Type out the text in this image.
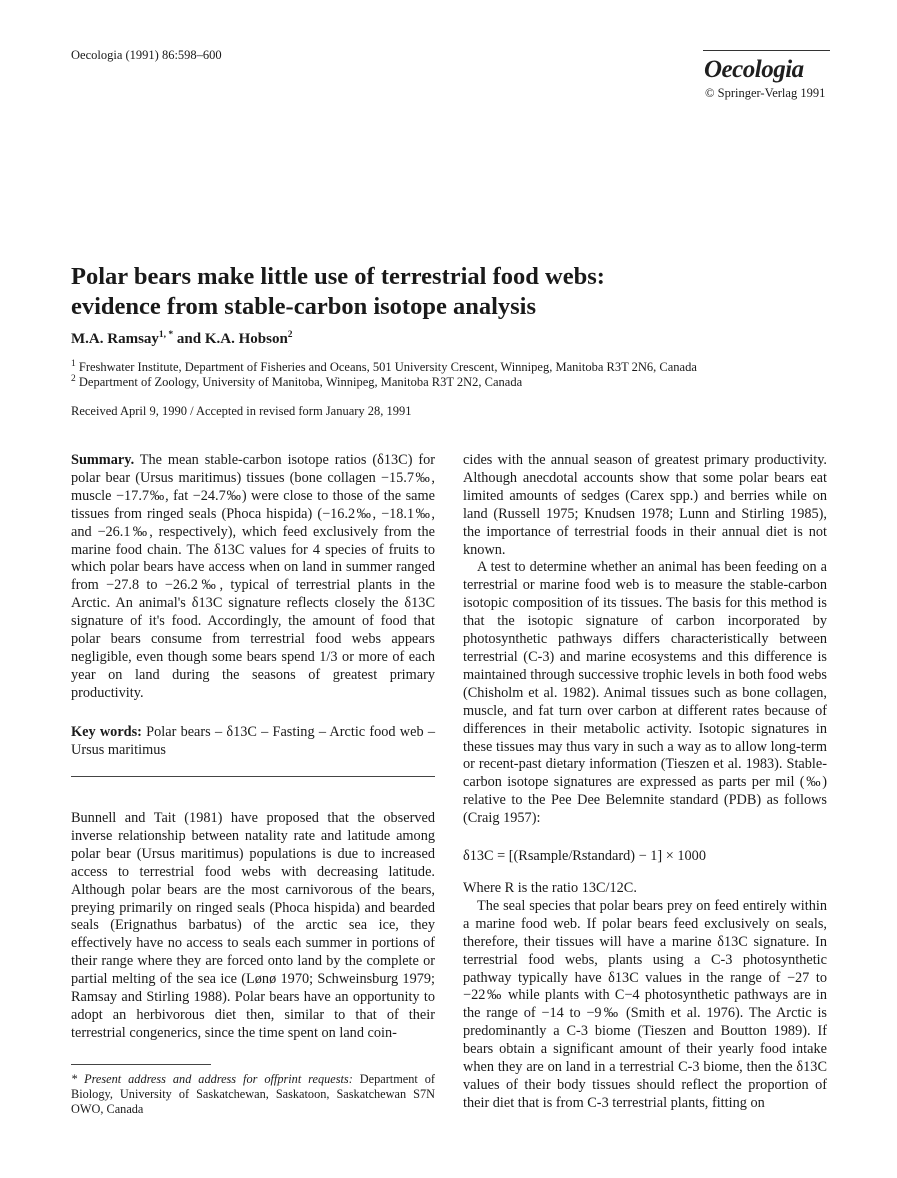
Oecologia (1991) 86:598–600
Oecologia
© Springer-Verlag 1991
Polar bears make little use of terrestrial food webs:
evidence from stable-carbon isotope analysis
M.A. Ramsay$^{1, *}$ and K.A. Hobson$^2$
$^1$ Freshwater Institute, Department of Fisheries and Oceans, 501 University Crescent, Winnipeg, Manitoba R3T 2N6, Canada
$^2$ Department of Zoology, University of Manitoba, Winnipeg, Manitoba R3T 2N2, Canada
Received April 9, 1990 / Accepted in revised form January 28, 1991

Summary. The mean stable-carbon isotope ratios (δ13C) for polar bear (Ursus maritimus) tissues (bone collagen −15.7‰, muscle −17.7‰, fat −24.7‰) were close to those of the same tissues from ringed seals (Phoca hispida) (−16.2‰, −18.1‰, and −26.1‰, respectively), which feed exclusively from the marine food chain. The δ13C values for 4 species of fruits to which polar bears have access when on land in summer ranged from −27.8 to −26.2‰, typical of terrestrial plants in the Arctic. An animal's δ13C signature reflects closely the δ13C signature of it's food. Accordingly, the amount of food that polar bears consume from terrestrial food webs appears negligible, even though some bears spend 1/3 or more of each year on land during the seasons of greatest primary productivity.

Key words: Polar bears – δ13C – Fasting – Arctic food web – Ursus maritimus

Bunnell and Tait (1981) have proposed that the observed inverse relationship between natality rate and latitude among polar bear (Ursus maritimus) populations is due to increased access to terrestrial food webs with decreasing latitude. Although polar bears are the most carnivorous of the bears, preying primarily on ringed seals (Phoca hispida) and bearded seals (Erignathus barbatus) of the arctic sea ice, they effectively have no access to seals each summer in portions of their range where they are forced onto land by the complete or partial melting of the sea ice (Lønø 1970; Schweinsburg 1979; Ramsay and Stirling 1988). Polar bears have an opportunity to adopt an herbivorous diet then, similar to that of their terrestrial congenerics, since the time spent on land coin-

* Present address and address for offprint requests: Department of Biology, University of Saskatchewan, Saskatoon, Saskatchewan S7N OWO, Canada

cides with the annual season of greatest primary productivity. Although anecdotal accounts show that some polar bears eat limited amounts of sedges (Carex spp.) and berries while on land (Russell 1975; Knudsen 1978; Lunn and Stirling 1985), the importance of terrestrial foods in their annual diet is not known.

A test to determine whether an animal has been feeding on a terrestrial or marine food web is to measure the stable-carbon isotopic composition of its tissues. The basis for this method is that the isotopic signature of carbon incorporated by photosynthetic pathways differs characteristically between terrestrial (C-3) and marine ecosystems and this difference is maintained through successive trophic levels in both food webs (Chisholm et al. 1982). Animal tissues such as bone collagen, muscle, and fat turn over carbon at different rates because of differences in their metabolic activity. Isotopic signatures in these tissues may thus vary in such a way as to allow long-term or recent-past dietary information (Tieszen et al. 1983). Stable-carbon isotope signatures are expressed as parts per mil (‰) relative to the Pee Dee Belemnite standard (PDB) as follows (Craig 1957):

δ13C = [(Rsample/Rstandard) − 1] × 1000

Where R is the ratio 13C/12C.

The seal species that polar bears prey on feed entirely within a marine food web. If polar bears feed exclusively on seals, therefore, their tissues will have a marine δ13C signature. In terrestrial food webs, plants using a C-3 photosynthetic pathway typically have δ13C values in the range of −27 to −22‰ while plants with C−4 photosynthetic pathways are in the range of −14 to −9‰ (Smith et al. 1976). The Arctic is predominantly a C-3 biome (Tieszen and Boutton 1989). If bears obtain a significant amount of their yearly food intake when they are on land in a terrestrial C-3 biome, then the δ13C values of their body tissues should reflect the proportion of their diet that is from C-3 terrestrial plants, fitting on
